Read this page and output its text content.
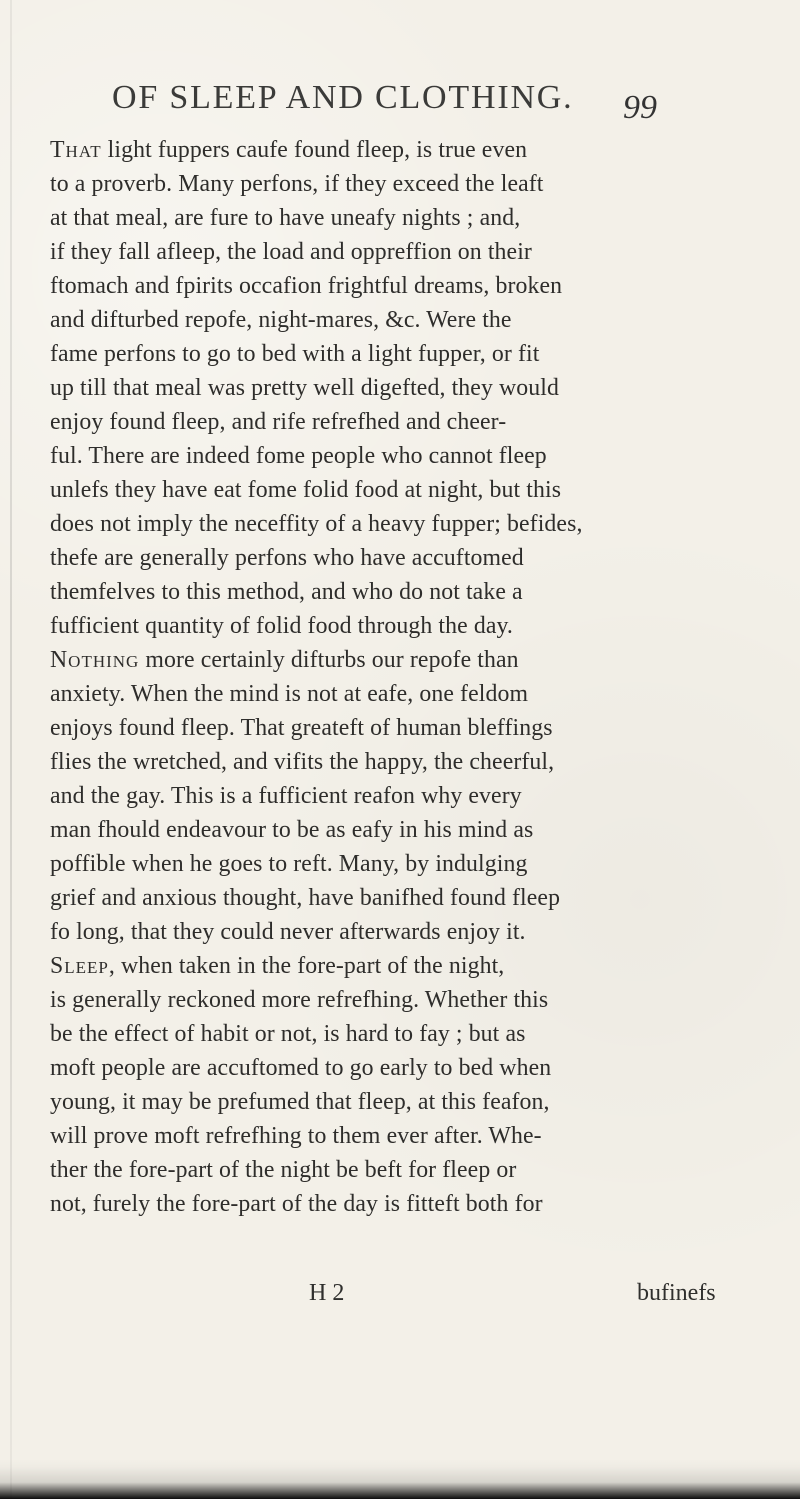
OF SLEEP AND CLOTHING. 99
That light fuppers caufe found fleep, is true even
to a proverb. Many perfons, if they exceed the leaft
at that meal, are fure to have uneafy nights ; and,
if they fall afleep, the load and oppreffion on their
ftomach and fpirits occafion frightful dreams, broken
and difturbed repofe, night-mares, &c. Were the
fame perfons to go to bed with a light fupper, or fit
up till that meal was pretty well digefted, they would
enjoy found fleep, and rife refrefhed and cheer-
ful. There are indeed fome people who cannot fleep
unlefs they have eat fome folid food at night, but this
does not imply the neceffity of a heavy fupper; befides,
thefe are generally perfons who have accuftomed
themfelves to this method, and who do not take a
fufficient quantity of folid food through the day.
Nothing more certainly difturbs our repofe than
anxiety. When the mind is not at eafe, one feldom
enjoys found fleep. That greateft of human bleffings
flies the wretched, and vifits the happy, the cheerful,
and the gay. This is a fufficient reafon why every
man fhould endeavour to be as eafy in his mind as
poffible when he goes to reft. Many, by indulging
grief and anxious thought, have banifhed found fleep
fo long, that they could never afterwards enjoy it.
Sleep, when taken in the fore-part of the night,
is generally reckoned more refrefhing. Whether this
be the effect of habit or not, is hard to fay ; but as
moft people are accuftomed to go early to bed when
young, it may be prefumed that fleep, at this feafon,
will prove moft refrefhing to them ever after. Whe-
ther the fore-part of the night be beft for fleep or
not, furely the fore-part of the day is fitteft both for
H 2	bufinefs
